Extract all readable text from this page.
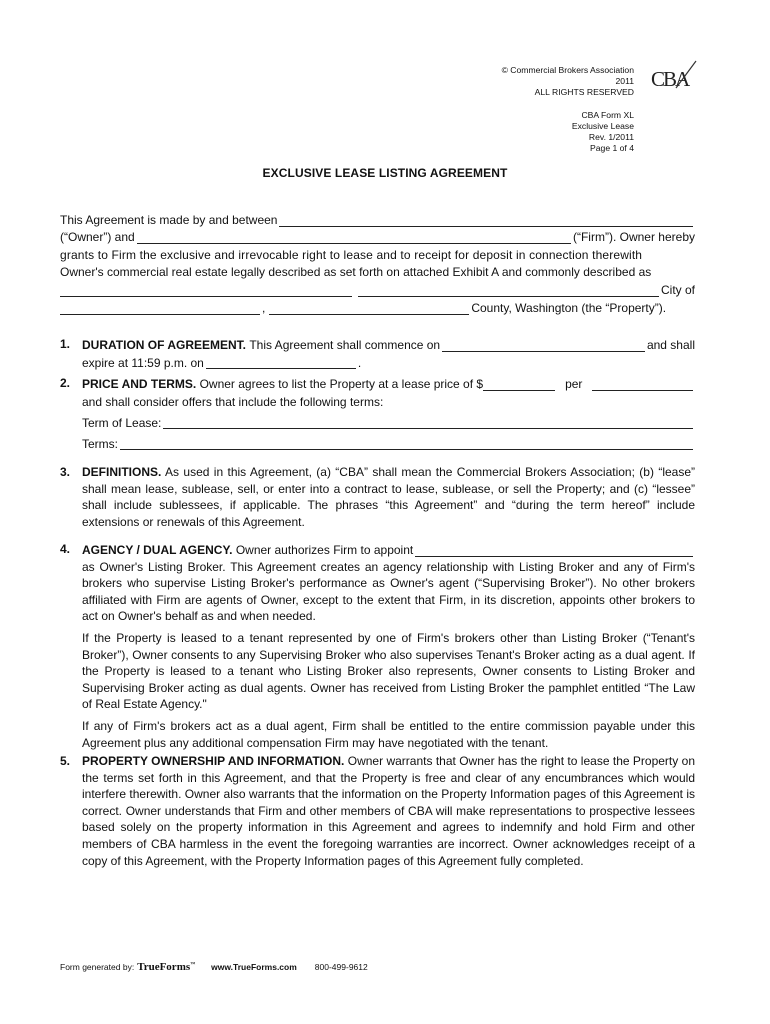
© Commercial Brokers Association
2011
ALL RIGHTS RESERVED
CBA
CBA Form XL
Exclusive Lease
Rev. 1/2011
Page 1 of 4
EXCLUSIVE LEASE LISTING AGREEMENT
This Agreement is made by and between
(“Owner”) and	(“Firm”). Owner hereby
grants to Firm the exclusive and irrevocable right to lease and to receipt for deposit in connection therewith
Owner's commercial real estate legally described as set forth on attached Exhibit A and commonly described as
City of
,	County, Washington (the “Property”).
1. DURATION OF AGREEMENT.
This Agreement shall commence on	and shall
expire at 11:59 p.m. on	.
2. PRICE AND TERMS.
Owner agrees to list the Property at a lease price of $	per
and shall consider offers that include the following terms:
Term of Lease:
Terms:
3. DEFINITIONS. As used in this Agreement, (a) “CBA” shall mean the Commercial Brokers Association; (b) “lease” shall mean lease, sublease, sell, or enter into a contract to lease, sublease, or sell the Property; and (c) “lessee” shall include sublessees, if applicable. The phrases “this Agreement” and “during the term hereof” include extensions or renewals of this Agreement.

4. AGENCY / DUAL AGENCY.
Owner authorizes Firm to appoint

as Owner's Listing Broker. This Agreement creates an agency relationship with Listing Broker and any of Firm's brokers who supervise Listing Broker's performance as Owner's agent (“Supervising Broker”). No other brokers affiliated with Firm are agents of Owner, except to the extent that Firm, in its discretion, appoints other brokers to act on Owner's behalf as and when needed.

If the Property is leased to a tenant represented by one of Firm's brokers other than Listing Broker (“Tenant's Broker”), Owner consents to any Supervising Broker who also supervises Tenant's Broker acting as a dual agent. If the Property is leased to a tenant who Listing Broker also represents, Owner consents to Listing Broker and Supervising Broker acting as dual agents. Owner has received from Listing Broker the pamphlet entitled “The Law of Real Estate Agency."

If any of Firm's brokers act as a dual agent, Firm shall be entitled to the entire commission payable under this Agreement plus any additional compensation Firm may have negotiated with the tenant.

5. PROPERTY OWNERSHIP AND INFORMATION. Owner warrants that Owner has the right to lease the Property on the terms set forth in this Agreement, and that the Property is free and clear of any encumbrances which would interfere therewith. Owner also warrants that the information on the Property Information pages of this Agreement is correct. Owner understands that Firm and other members of CBA will make representations to prospective lessees based solely on the property information in this Agreement and agrees to indemnify and hold Firm and other members of CBA harmless in the event the foregoing warranties are incorrect. Owner acknowledges receipt of a copy of this Agreement, with the Property Information pages of this Agreement fully completed.

Form generated by: TrueForms™ www.TrueForms.com 800-499-9612
